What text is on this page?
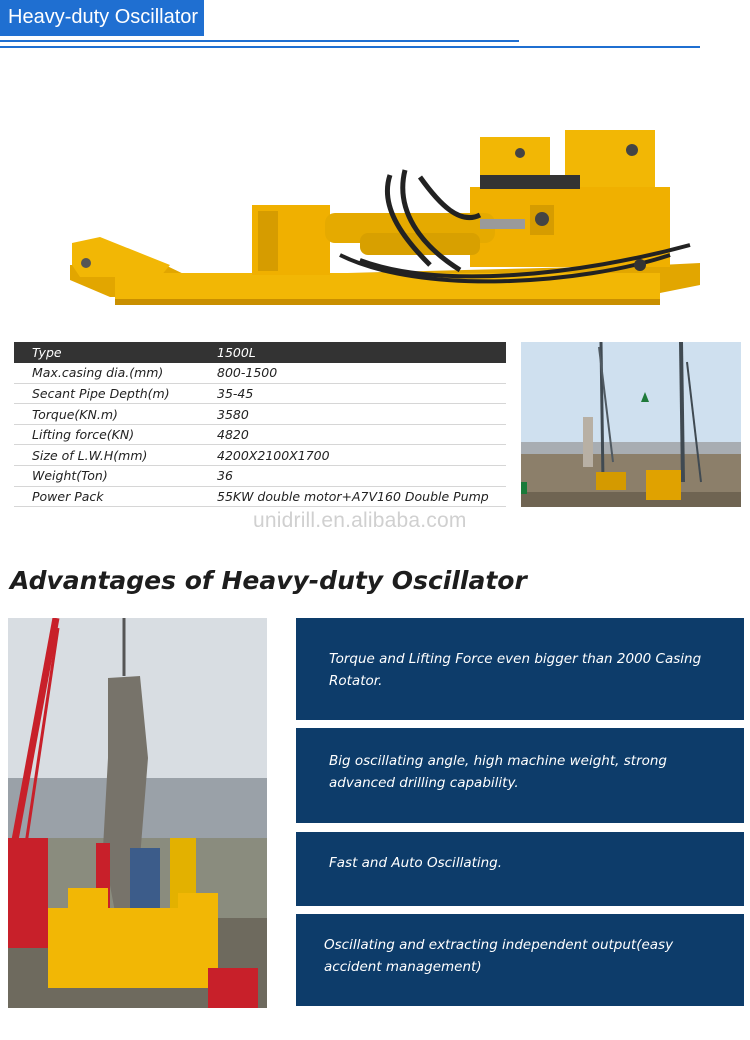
Heavy-duty Oscillator
Type	1500L
Max.casing dia.(mm)	800-1500
Secant Pipe Depth(m)	35-45
Torque(KN.m)	3580
Lifting force(KN)	4820
Size of L.W.H(mm)	4200X2100X1700
Weight(Ton)	36
Power Pack	55KW double motor+A7V160 Double Pump
unidrill.en.alibaba.com
Advantages of Heavy-duty Oscillator
Torque and Lifting Force even bigger than 2000 Casing
Rotator.
Big oscillating angle, high machine weight, strong
advanced drilling capability.
Fast and Auto Oscillating.
Oscillating and extracting independent output(easy
accident management)
